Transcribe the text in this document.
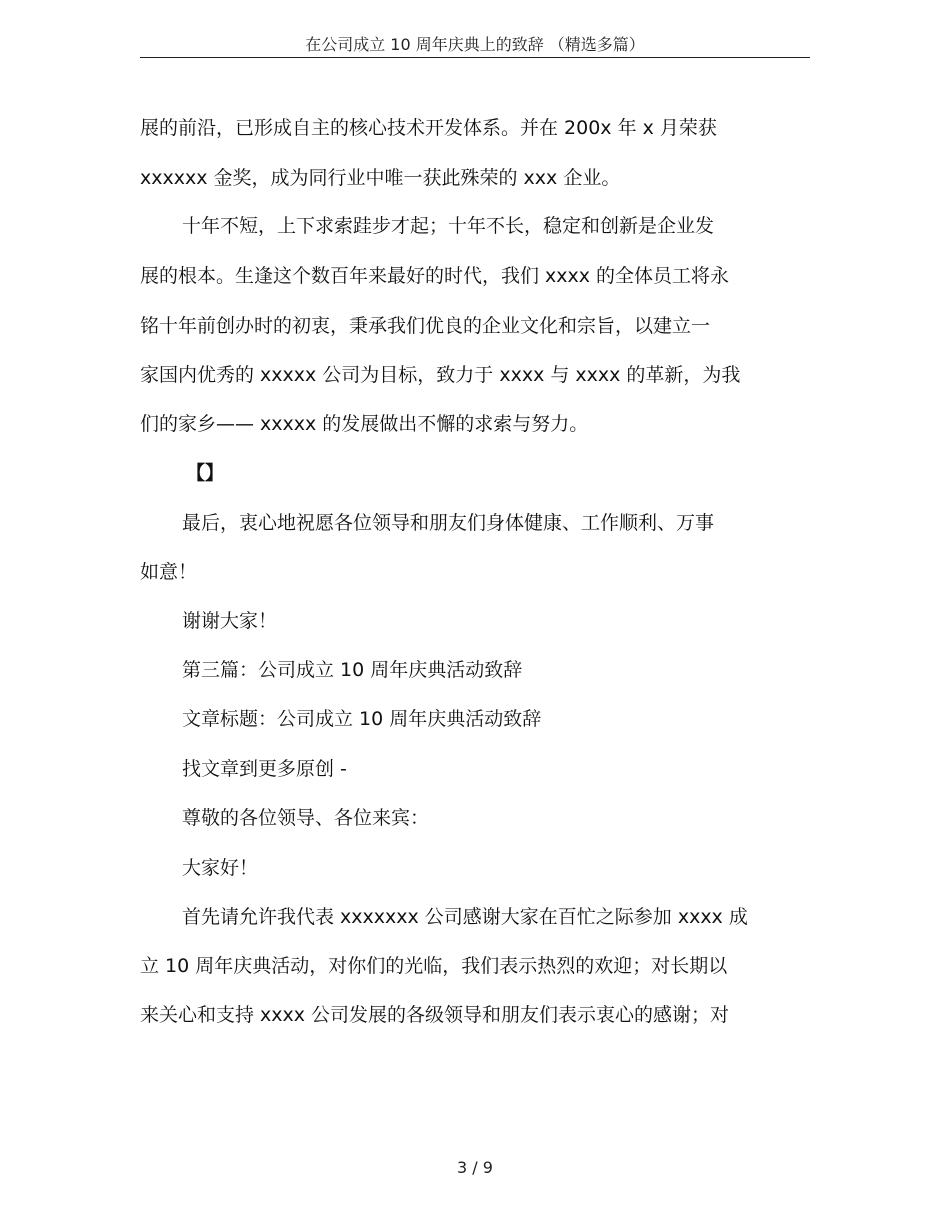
在公司成立 10 周年庆典上的致辞 （精选多篇）
展的前沿，已形成自主的核心技术开发体系。并在 200x 年 x 月荣获
xxxxxx 金奖，成为同行业中唯一获此殊荣的 xxx 企业。
十年不短，上下求索跬步才起；十年不长，稳定和创新是企业发
展的根本。生逢这个数百年来最好的时代，我们 xxxx 的全体员工将永
铭十年前创办时的初衷，秉承我们优良的企业文化和宗旨，以建立一
家国内优秀的 xxxxx 公司为目标，致力于 xxxx 与 xxxx 的革新，为我
们的家乡—— xxxxx 的发展做出不懈的求索与努力。
【】
最后，衷心地祝愿各位领导和朋友们身体健康、工作顺利、万事
如意！
谢谢大家！
第三篇：公司成立 10 周年庆典活动致辞
文章标题：公司成立 10 周年庆典活动致辞
找文章到更多原创 -
尊敬的各位领导、各位来宾：
大家好！
首先请允许我代表 xxxxxxx 公司感谢大家在百忙之际参加 xxxx 成
立 10 周年庆典活动，对你们的光临，我们表示热烈的欢迎；对长期以
来关心和支持 xxxx 公司发展的各级领导和朋友们表示衷心的感谢；对
3 / 9
